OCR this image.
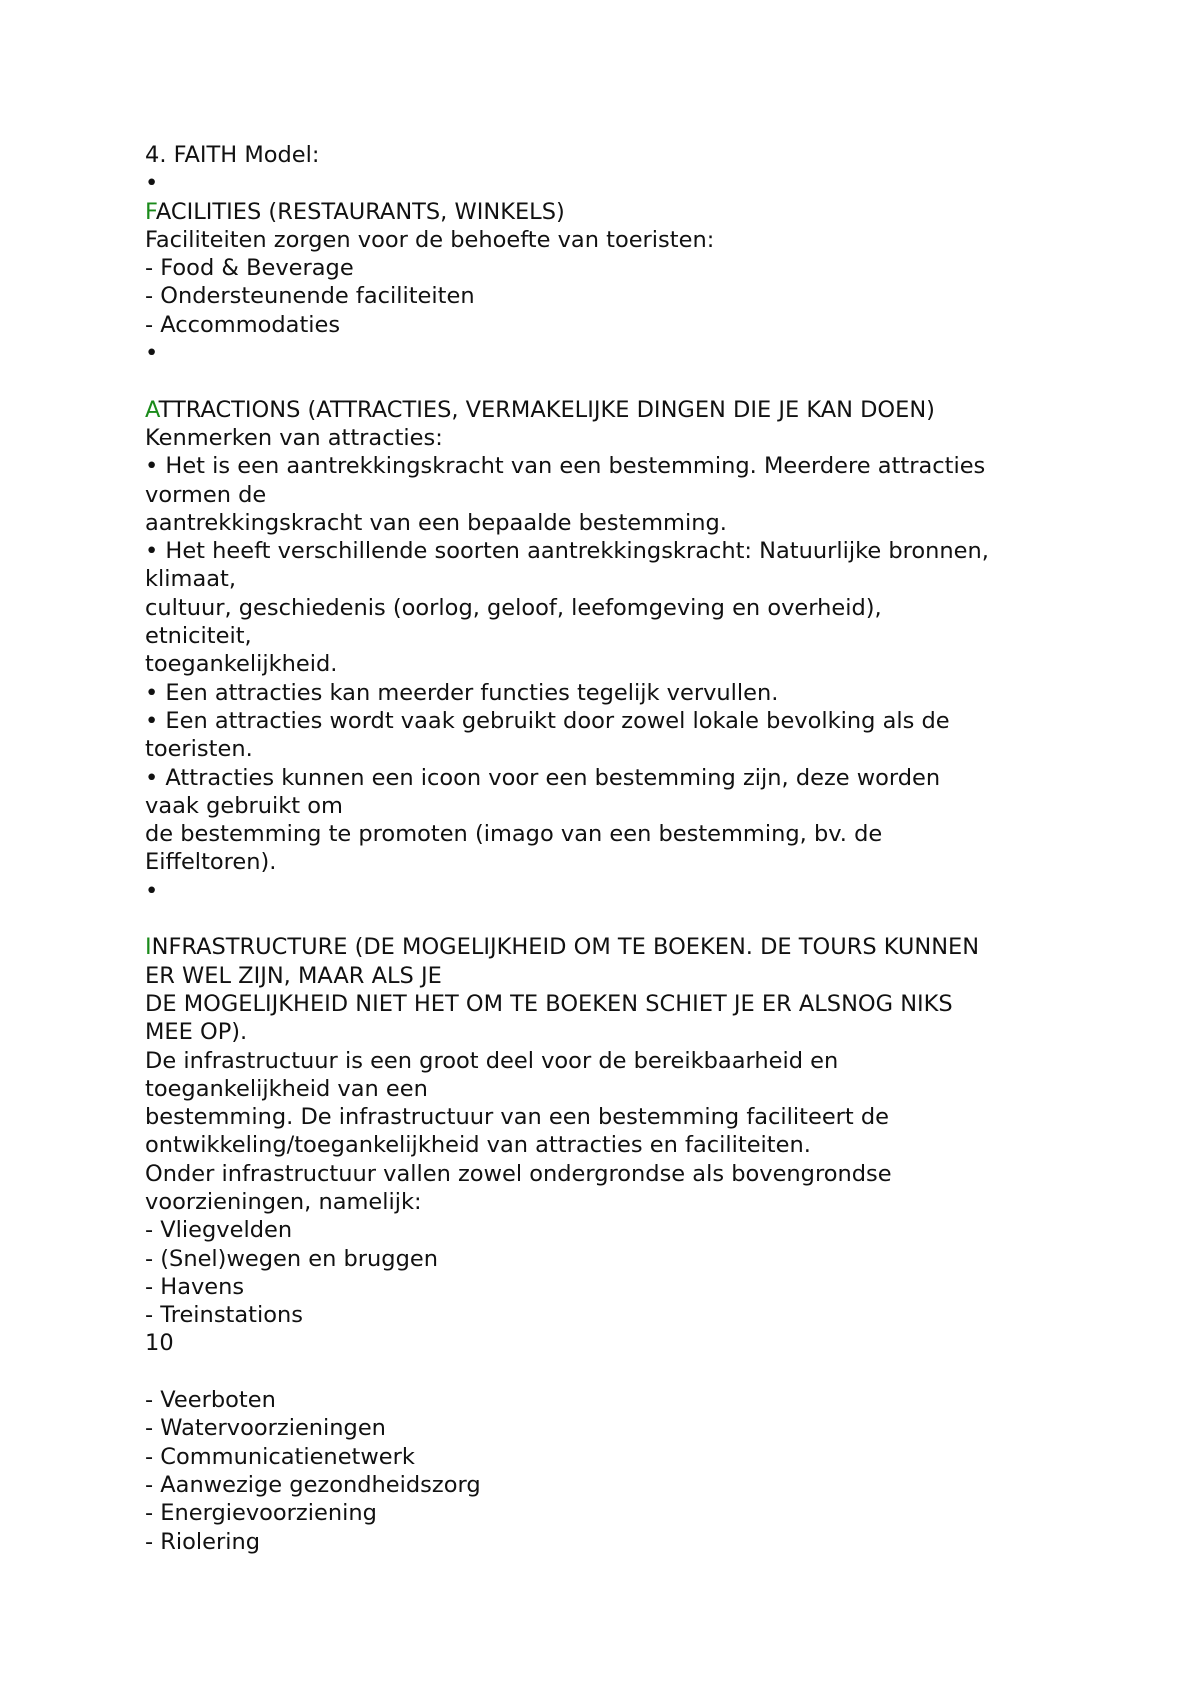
4. FAITH Model:
•
FACILITIES (RESTAURANTS, WINKELS)
Faciliteiten zorgen voor de behoefte van toeristen:
- Food & Beverage
- Ondersteunende faciliteiten
- Accommodaties
•
ATTRACTIONS (ATTRACTIES, VERMAKELIJKE DINGEN DIE JE KAN DOEN)
Kenmerken van attracties:
• Het is een aantrekkingskracht van een bestemming. Meerdere attracties
vormen de
aantrekkingskracht van een bepaalde bestemming.
• Het heeft verschillende soorten aantrekkingskracht: Natuurlijke bronnen,
klimaat,
cultuur, geschiedenis (oorlog, geloof, leefomgeving en overheid),
etniciteit,
toegankelijkheid.
• Een attracties kan meerder functies tegelijk vervullen.
• Een attracties wordt vaak gebruikt door zowel lokale bevolking als de
toeristen.
• Attracties kunnen een icoon voor een bestemming zijn, deze worden
vaak gebruikt om
de bestemming te promoten (imago van een bestemming, bv. de
Eiffeltoren).
•
INFRASTRUCTURE (DE MOGELIJKHEID OM TE BOEKEN. DE TOURS KUNNEN
ER WEL ZIJN, MAAR ALS JE
DE MOGELIJKHEID NIET HET OM TE BOEKEN SCHIET JE ER ALSNOG NIKS
MEE OP).
De infrastructuur is een groot deel voor de bereikbaarheid en
toegankelijkheid van een
bestemming. De infrastructuur van een bestemming faciliteert de
ontwikkeling/toegankelijkheid van attracties en faciliteiten.
Onder infrastructuur vallen zowel ondergrondse als bovengrondse
voorzieningen, namelijk:
- Vliegvelden
- (Snel)wegen en bruggen
- Havens
- Treinstations
10
- Veerboten
- Watervoorzieningen
- Communicatienetwerk
- Aanwezige gezondheidszorg
- Energievoorziening
- Riolering
